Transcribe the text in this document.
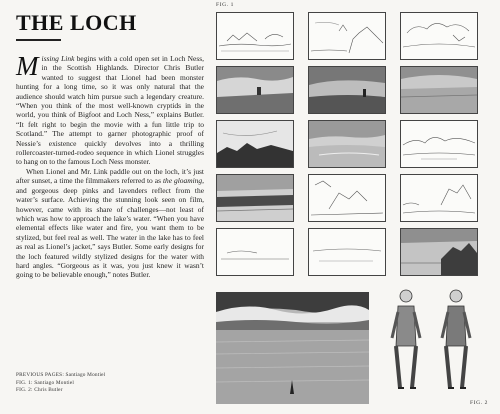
THE LOCH

Missing Link begins with a cold open set in Loch Ness, in the Scottish Highlands. Director Chris Butler wanted to suggest that Lionel had been monster hunting for a long time, so it was only natural that the audience should watch him pursue such a legendary creature. “When you think of the most well-known cryptids in the world, you think of Bigfoot and Loch Ness,” explains Butler. “It felt right to begin the movie with a fun little trip to Scotland.” The attempt to garner photographic proof of Nessie’s existence quickly devolves into a thrilling rollercoaster-turned-rodeo sequence in which Lionel struggles to hang on to the famous Loch Ness monster.

When Lionel and Mr. Link paddle out on the loch, it’s just after sunset, a time the filmmakers referred to as the gloaming, and gorgeous deep pinks and lavenders reflect from the water’s surface. Achieving the stunning look seen on film, however, came with its share of challenges—not least of which was how to approach the lake’s water. “When you have elemental effects like water and fire, you want them to be stylized, but feel real as well. The water in the lake has to feel as real as Lionel’s jacket,” says Butler. Some early designs for the loch featured wildly stylized designs for the water with hard angles. “Gorgeous as it was, you just knew it wasn’t going to be believable enough,” notes Butler.

PREVIOUS PAGES: Santiago Montiel
FIG. 1: Santiago Montiel
FIG. 2: Chris Butler
FIG. 1
FIG. 2
